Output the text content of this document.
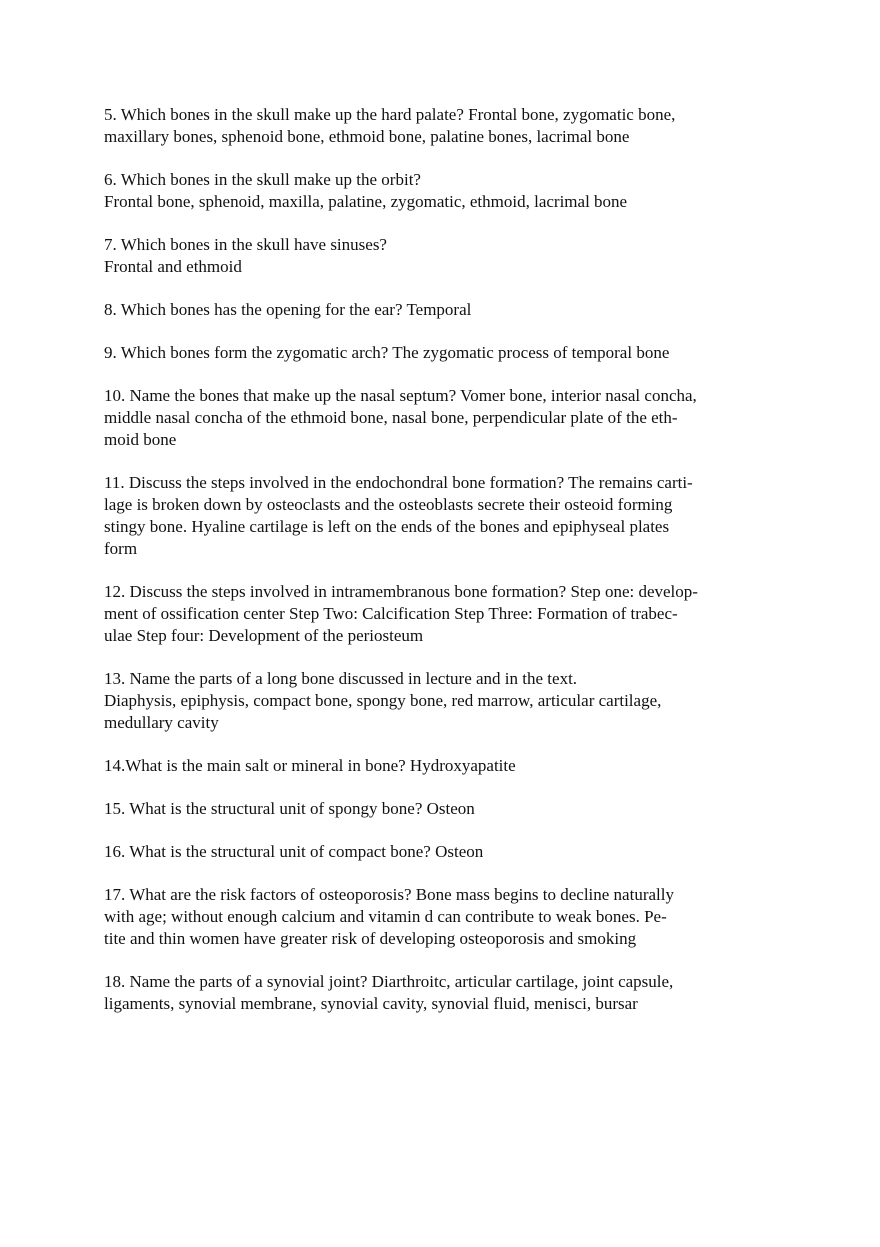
5. Which bones in the skull make up the hard palate? Frontal bone, zygomatic bone,
maxillary bones, sphenoid bone, ethmoid bone, palatine bones, lacrimal bone
6. Which bones in the skull make up the orbit?
Frontal bone, sphenoid, maxilla, palatine, zygomatic, ethmoid, lacrimal bone
7. Which bones in the skull have sinuses?
Frontal and ethmoid
8. Which bones has the opening for the ear? Temporal
9. Which bones form the zygomatic arch? The zygomatic process of temporal bone
10. Name the bones that make up the nasal septum? Vomer bone, interior nasal concha,
middle nasal concha of the ethmoid bone, nasal bone, perpendicular plate of the eth-
moid bone
11. Discuss the steps involved in the endochondral bone formation? The remains carti-
lage is broken down by osteoclasts and the osteoblasts secrete their osteoid forming
stingy bone. Hyaline cartilage is left on the ends of the bones and epiphyseal plates
form
12. Discuss the steps involved in intramembranous bone formation? Step one: develop-
ment of ossification center Step Two: Calcification Step Three: Formation of trabec-
ulae Step four: Development of the periosteum
13. Name the parts of a long bone discussed in lecture and in the text.
Diaphysis, epiphysis, compact bone, spongy bone, red marrow, articular cartilage,
medullary cavity
14.What is the main salt or mineral in bone? Hydroxyapatite
15. What is the structural unit of spongy bone? Osteon
16. What is the structural unit of compact bone? Osteon
17. What are the risk factors of osteoporosis? Bone mass begins to decline naturally
with age; without enough calcium and vitamin d can contribute to weak bones. Pe-
tite and thin women have greater risk of developing osteoporosis and smoking
18. Name the parts of a synovial joint? Diarthroitc, articular cartilage, joint capsule,
ligaments, synovial membrane, synovial cavity, synovial fluid, menisci, bursar
